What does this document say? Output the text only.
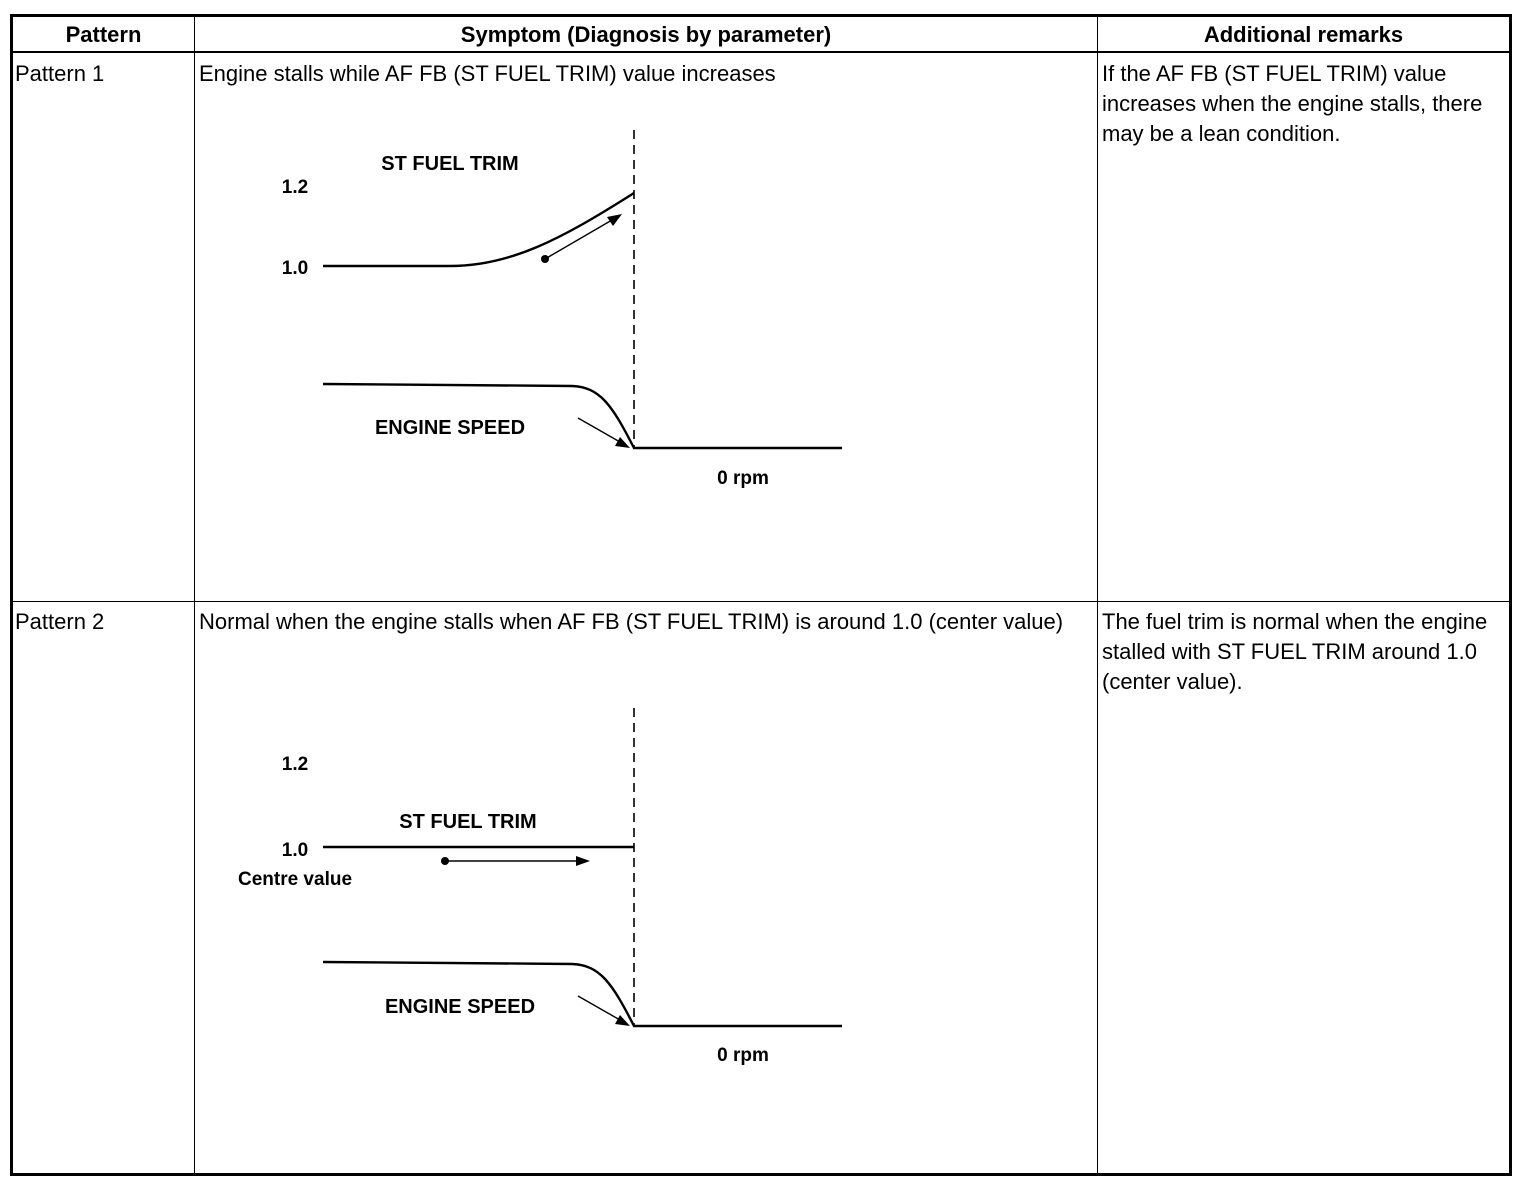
Pattern	Symptom (Diagnosis by parameter)	Additional remarks
Pattern 1	Engine stalls while AF FB (ST FUEL TRIM) value increases	If the AF FB (ST FUEL TRIM) value increases when the engine stalls, there may be a lean condition.
ST FUEL TRIM
1.2
1.0
ENGINE SPEED
0 rpm
Pattern 2	Normal when the engine stalls when AF FB (ST FUEL TRIM) is around 1.0 (center value)	The fuel trim is normal when the engine stalled with ST FUEL TRIM around 1.0 (center value).
1.2
ST FUEL TRIM
1.0
Centre value
ENGINE SPEED
0 rpm
